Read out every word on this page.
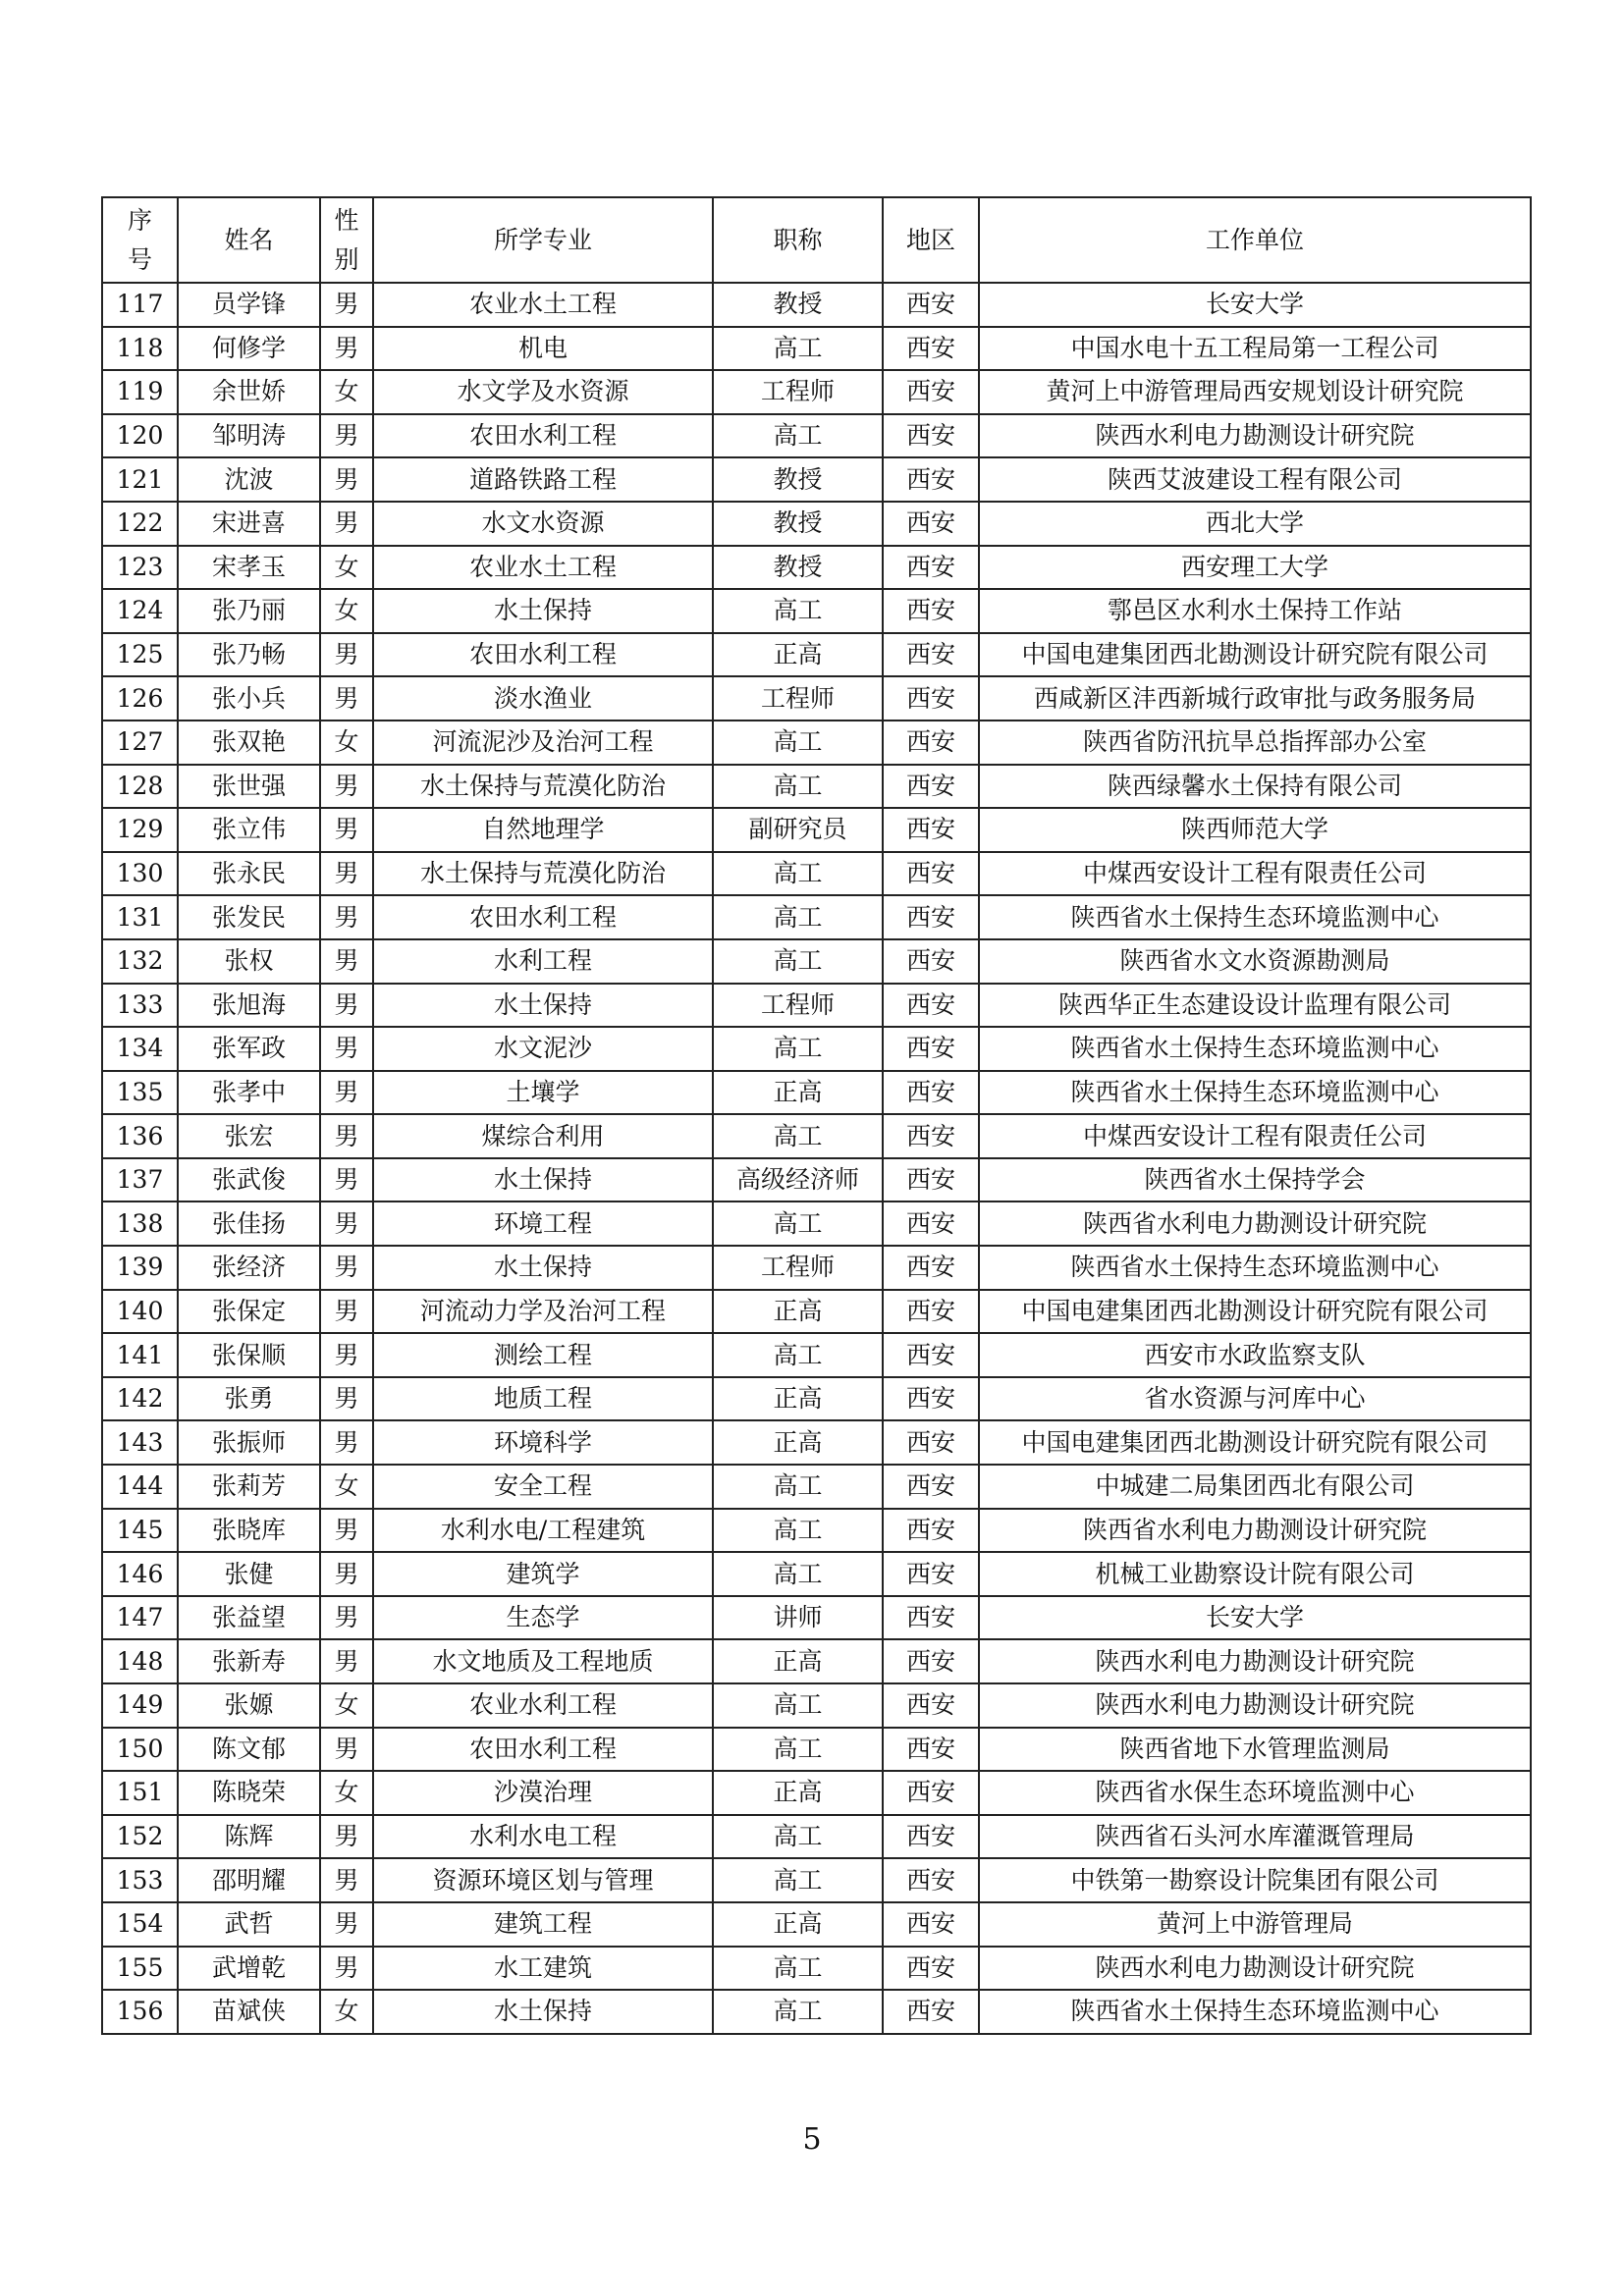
序号	姓名	性别	所学专业	职称	地区	工作单位
117	员学锋	男	农业水土工程	教授	西安	长安大学
118	何修学	男	机电	高工	西安	中国水电十五工程局第一工程公司
119	余世娇	女	水文学及水资源	工程师	西安	黄河上中游管理局西安规划设计研究院
120	邹明涛	男	农田水利工程	高工	西安	陕西水利电力勘测设计研究院
121	沈波	男	道路铁路工程	教授	西安	陕西艾波建设工程有限公司
122	宋进喜	男	水文水资源	教授	西安	西北大学
123	宋孝玉	女	农业水土工程	教授	西安	西安理工大学
124	张乃丽	女	水土保持	高工	西安	鄠邑区水利水土保持工作站
125	张乃畅	男	农田水利工程	正高	西安	中国电建集团西北勘测设计研究院有限公司
126	张小兵	男	淡水渔业	工程师	西安	西咸新区沣西新城行政审批与政务服务局
127	张双艳	女	河流泥沙及治河工程	高工	西安	陕西省防汛抗旱总指挥部办公室
128	张世强	男	水土保持与荒漠化防治	高工	西安	陕西绿馨水土保持有限公司
129	张立伟	男	自然地理学	副研究员	西安	陕西师范大学
130	张永民	男	水土保持与荒漠化防治	高工	西安	中煤西安设计工程有限责任公司
131	张发民	男	农田水利工程	高工	西安	陕西省水土保持生态环境监测中心
132	张权	男	水利工程	高工	西安	陕西省水文水资源勘测局
133	张旭海	男	水土保持	工程师	西安	陕西华正生态建设设计监理有限公司
134	张军政	男	水文泥沙	高工	西安	陕西省水土保持生态环境监测中心
135	张孝中	男	土壤学	正高	西安	陕西省水土保持生态环境监测中心
136	张宏	男	煤综合利用	高工	西安	中煤西安设计工程有限责任公司
137	张武俊	男	水土保持	高级经济师	西安	陕西省水土保持学会
138	张佳扬	男	环境工程	高工	西安	陕西省水利电力勘测设计研究院
139	张经济	男	水土保持	工程师	西安	陕西省水土保持生态环境监测中心
140	张保定	男	河流动力学及治河工程	正高	西安	中国电建集团西北勘测设计研究院有限公司
141	张保顺	男	测绘工程	高工	西安	西安市水政监察支队
142	张勇	男	地质工程	正高	西安	省水资源与河库中心
143	张振师	男	环境科学	正高	西安	中国电建集团西北勘测设计研究院有限公司
144	张莉芳	女	安全工程	高工	西安	中城建二局集团西北有限公司
145	张晓库	男	水利水电/工程建筑	高工	西安	陕西省水利电力勘测设计研究院
146	张健	男	建筑学	高工	西安	机械工业勘察设计院有限公司
147	张益望	男	生态学	讲师	西安	长安大学
148	张新寿	男	水文地质及工程地质	正高	西安	陕西水利电力勘测设计研究院
149	张嫄	女	农业水利工程	高工	西安	陕西水利电力勘测设计研究院
150	陈文郁	男	农田水利工程	高工	西安	陕西省地下水管理监测局
151	陈晓荣	女	沙漠治理	正高	西安	陕西省水保生态环境监测中心
152	陈辉	男	水利水电工程	高工	西安	陕西省石头河水库灌溉管理局
153	邵明耀	男	资源环境区划与管理	高工	西安	中铁第一勘察设计院集团有限公司
154	武哲	男	建筑工程	正高	西安	黄河上中游管理局
155	武增乾	男	水工建筑	高工	西安	陕西水利电力勘测设计研究院
156	苗斌侠	女	水土保持	高工	西安	陕西省水土保持生态环境监测中心
5
